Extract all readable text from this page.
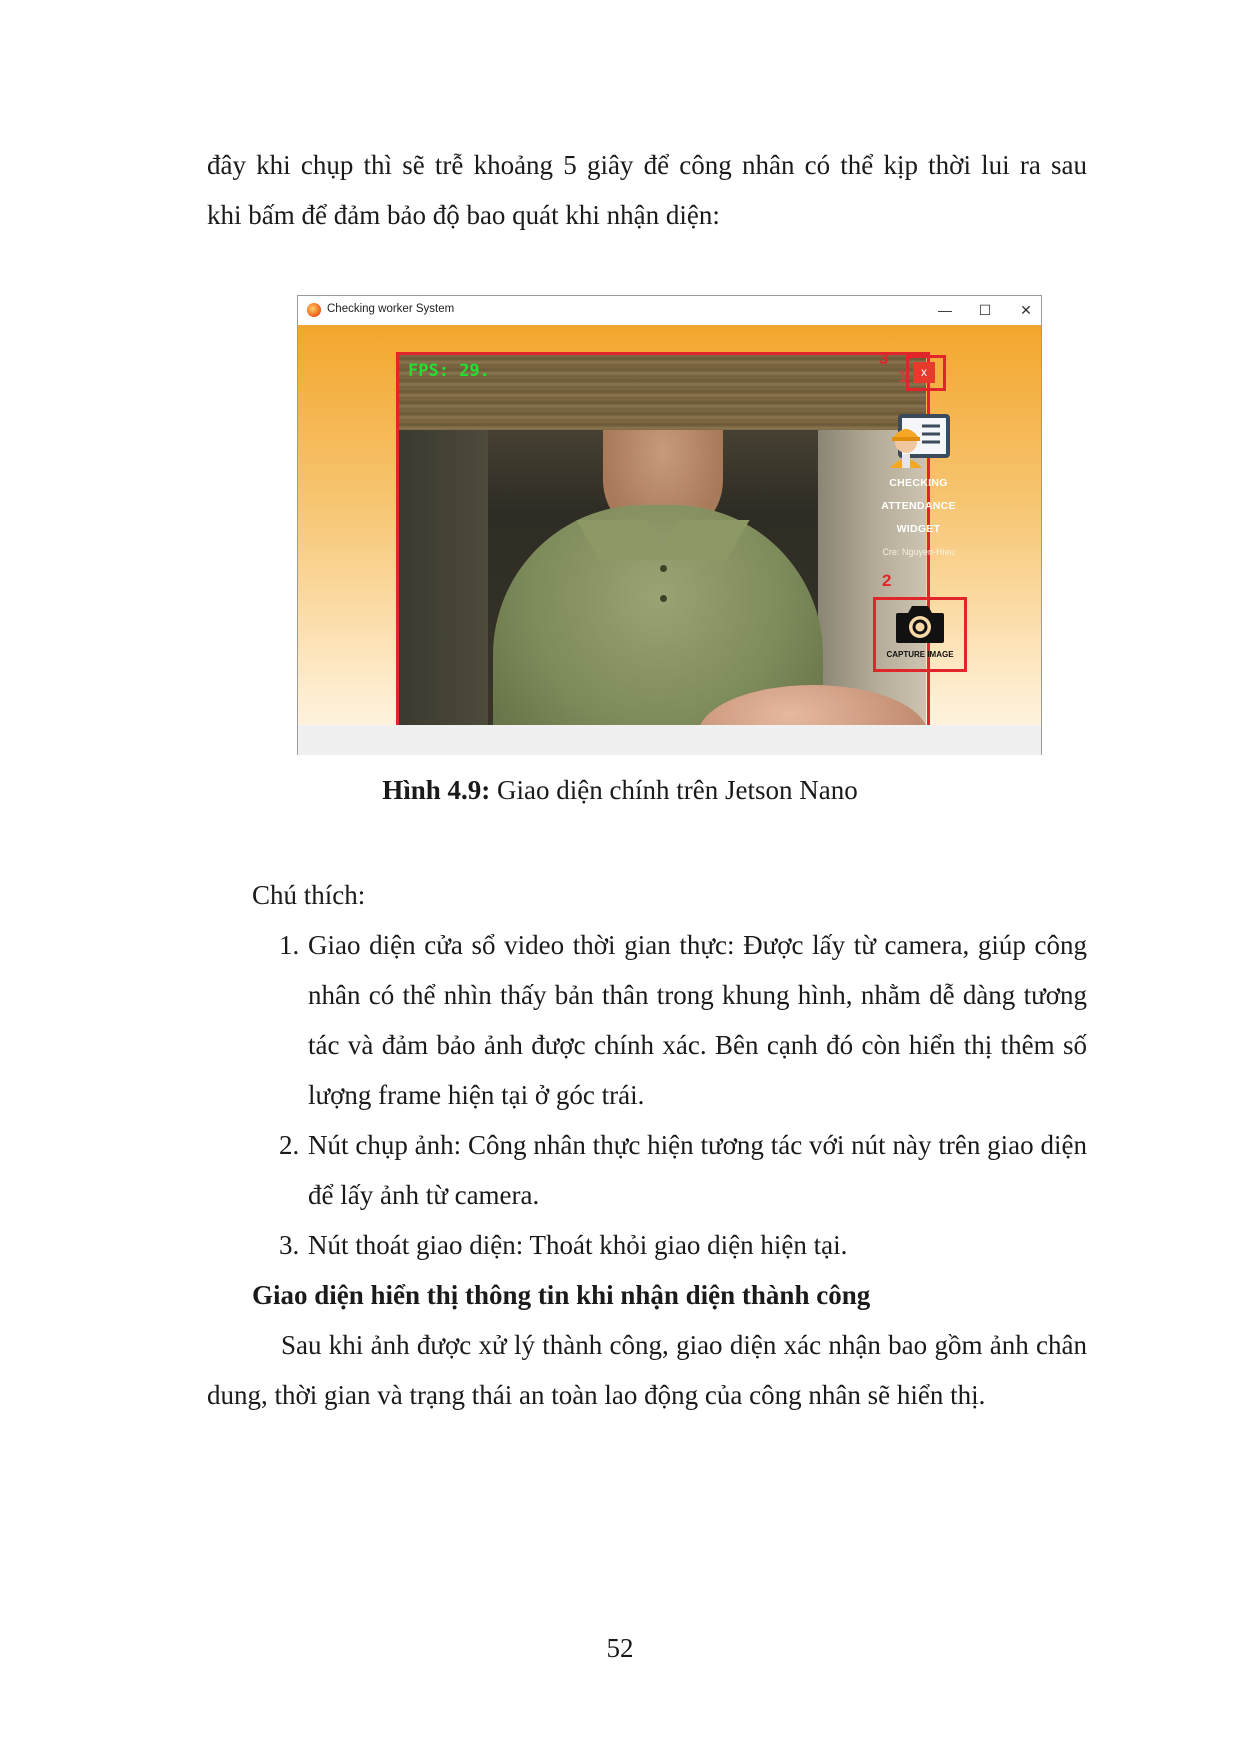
đây khi chụp thì sẽ trễ khoảng 5 giây để công nhân có thể kịp thời lui ra sau
khi bấm để đảm bảo độ bao quát khi nhận diện:

Checking worker System	—	☐	✕
FPS: 29.	1
3
x
CHECKING
ATTENDANCE
WIDGET
Cre: Nguyen-Hieu
2
CAPTURE IMAGE
Hình 4.9: Giao diện chính trên Jetson Nano
Chú thích:
1. Giao diện cửa sổ video thời gian thực: Được lấy từ camera, giúp công nhân có thể nhìn thấy bản thân trong khung hình, nhằm dễ dàng tương tác và đảm bảo ảnh được chính xác. Bên cạnh đó còn hiển thị thêm số lượng frame hiện tại ở góc trái.
2. Nút chụp ảnh: Công nhân thực hiện tương tác với nút này trên giao diện để lấy ảnh từ camera.
3. Nút thoát giao diện: Thoát khỏi giao diện hiện tại.
Giao diện hiển thị thông tin khi nhận diện thành công

Sau khi ảnh được xử lý thành công, giao diện xác nhận bao gồm ảnh chân dung, thời gian và trạng thái an toàn lao động của công nhân sẽ hiển thị.

52
